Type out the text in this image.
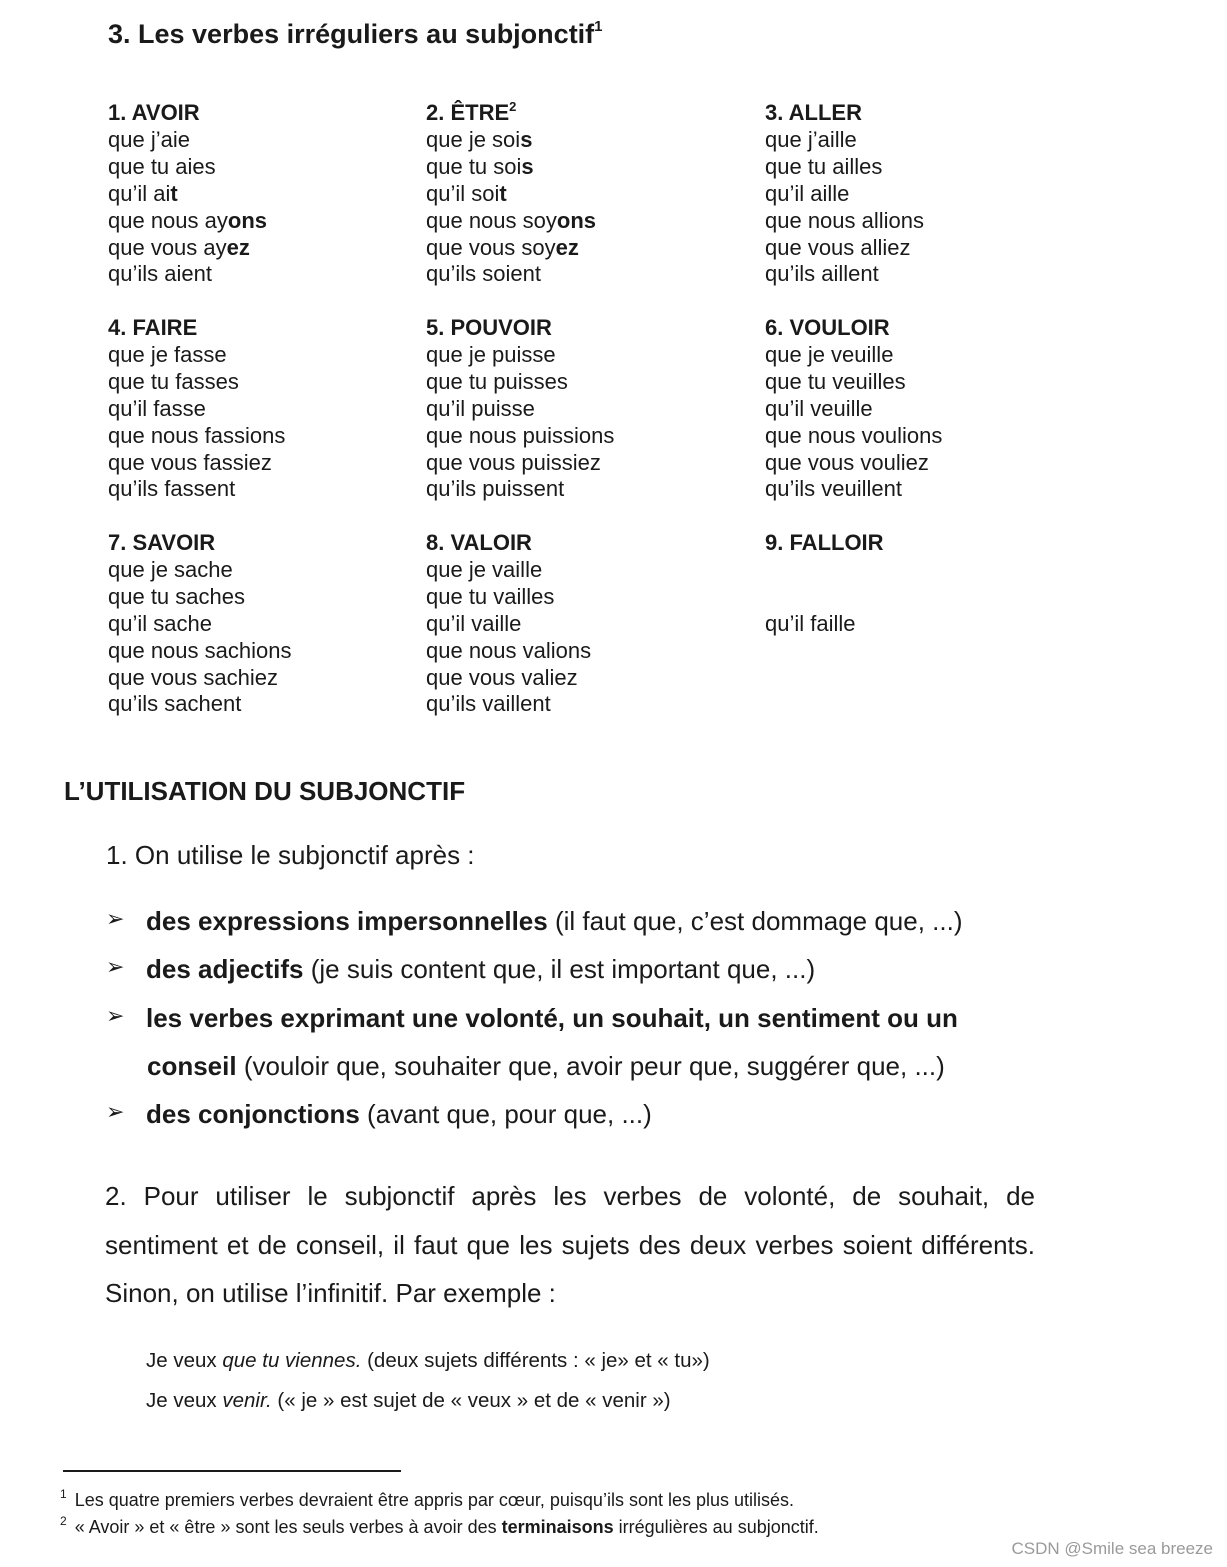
3. Les verbes irréguliers au subjonctif$^1$
1. AVOIR
que j’aie
que tu aies
qu’il ait
que nous ayons
que vous ayez
qu’ils aient
2. ÊTRE$^2$
que je sois
que tu sois
qu’il soit
que nous soyons
que vous soyez
qu’ils soient
3. ALLER
que j’aille
que tu ailles
qu’il aille
que nous allions
que vous alliez
qu’ils aillent
4. FAIRE
que je fasse
que tu fasses
qu’il fasse
que nous fassions
que vous fassiez
qu’ils fassent
5. POUVOIR
que je puisse
que tu puisses
qu’il puisse
que nous puissions
que vous puissiez
qu’ils puissent
6. VOULOIR
que je veuille
que tu veuilles
qu’il veuille
que nous voulions
que vous vouliez
qu’ils veuillent
7. SAVOIR
que je sache
que tu saches
qu’il sache
que nous sachions
que vous sachiez
qu’ils sachent
8. VALOIR
que je vaille
que tu vailles
qu’il vaille
que nous valions
que vous valiez
qu’ils vaillent
9. FALLOIR

qu’il faille

L’UTILISATION DU SUBJONCTIF
1. On utilise le subjonctif après :
➢ des expressions impersonnelles (il faut que, c’est dommage que, ...)
➢ des adjectifs (je suis content que, il est important que, ...)
➢ les verbes exprimant une volonté, un souhait, un sentiment ou un
conseil (vouloir que, souhaiter que, avoir peur que, suggérer que, ...)
➢ des conjonctions (avant que, pour que, ...)
2. Pour utiliser le subjonctif après les verbes de volonté, de souhait, de sentiment et de conseil, il faut que les sujets des deux verbes soient différents. Sinon, on utilise l’infinitif. Par exemple :
Je veux que tu viennes. (deux sujets différents : « je» et « tu»)
Je veux venir. (« je » est sujet de « veux » et de « venir »)
$^1$ Les quatre premiers verbes devraient être appris par cœur, puisqu’ils sont les plus utilisés.
$^2$ « Avoir » et « être » sont les seuls verbes à avoir des terminaisons irrégulières au subjonctif.
CSDN @Smile sea breeze
